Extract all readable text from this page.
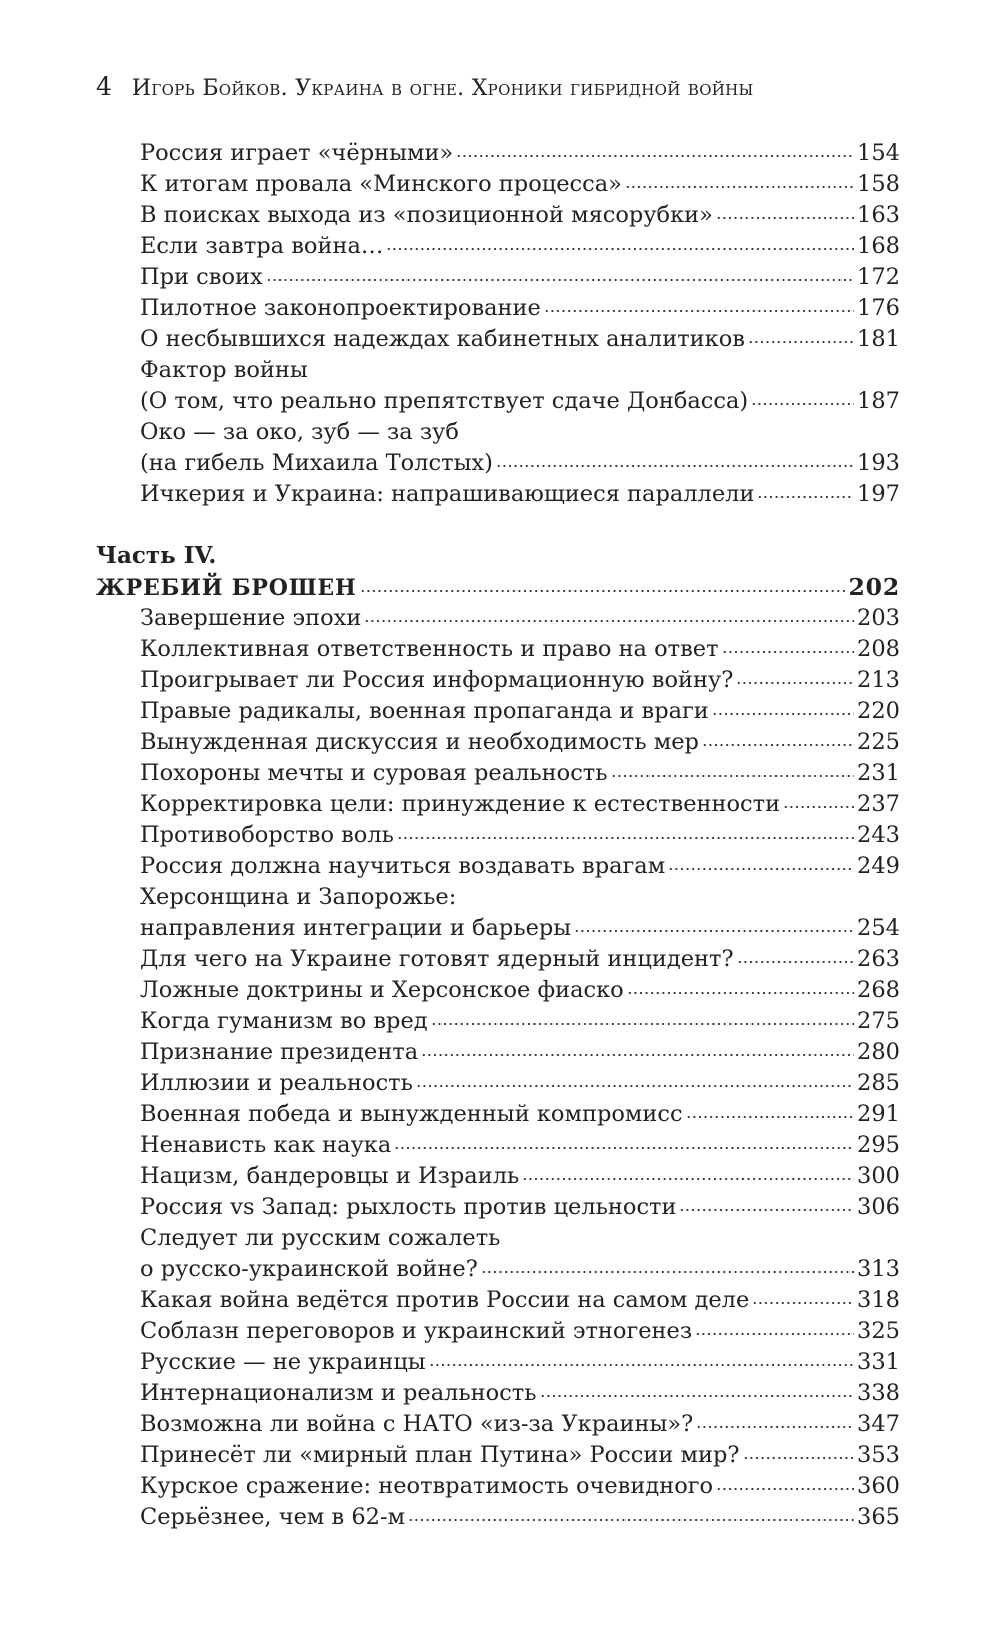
4 Игорь Бойков. Украина в огне. Хроники гибридной войны
Россия играет «чёрными»	154
К итогам провала «Минского процесса»	158
В поисках выхода из «позиционной мясорубки»	163
Если завтра война…	168
При своих	172
Пилотное законопроектирование	176
О несбывшихся надеждах кабинетных аналитиков	181
Фактор войны
(О том, что реально препятствует сдаче Донбасса)	187
Око — за око, зуб — за зуб
(на гибель Михаила Толстых)	193
Ичкерия и Украина: напрашивающиеся параллели	197
Часть IV.
ЖРЕБИЙ БРОШЕН	202
Завершение эпохи	203
Коллективная ответственность и право на ответ	208
Проигрывает ли Россия информационную войну?	213
Правые радикалы, военная пропаганда и враги	220
Вынужденная дискуссия и необходимость мер	225
Похороны мечты и суровая реальность	231
Корректировка цели: принуждение к естественности	237
Противоборство воль	243
Россия должна научиться воздавать врагам	249
Херсонщина и Запорожье:
направления интеграции и барьеры	254
Для чего на Украине готовят ядерный инцидент?	263
Ложные доктрины и Херсонское фиаско	268
Когда гуманизм во вред	275
Признание президента	280
Иллюзии и реальность	285
Военная победа и вынужденный компромисс	291
Ненависть как наука	295
Нацизм, бандеровцы и Израиль	300
Россия vs Запад: рыхлость против цельности	306
Следует ли русским сожалеть
о русско-украинской войне?	313
Какая война ведётся против России на самом деле	318
Соблазн переговоров и украинский этногенез	325
Русские — не украинцы	331
Интернационализм и реальность	338
Возможна ли война с НАТО «из-за Украины»?	347
Принесёт ли «мирный план Путина» России мир?	353
Курское сражение: неотвратимость очевидного	360
Серьёзнее, чем в 62-м	365
